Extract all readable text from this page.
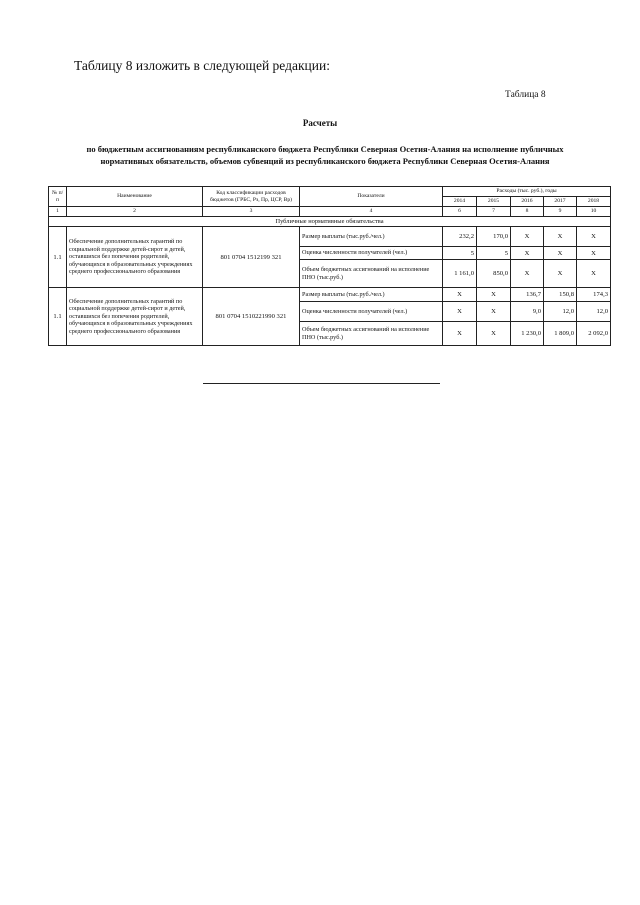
Таблицу 8 изложить в следующей редакции:
Таблица 8
Расчеты
по бюджетным ассигнованиям республиканского бюджета Республики Северная Осетия-Алания на исполнение публичных
нормативных обязательств, объемов субвенций из республиканского бюджета Республики Северная Осетия-Алания
№ п/п	Наименование	Код классификации расходов бюджетов (ГРБС, Рз, Пр, ЦСР, Вр)	Показатели	Расходы (тыс. руб.), годы				
				2014	2015	2016	2017	2018
1	2	3	4	6	7	8	9	10
Публичные нормативные обязательства								
1.1	Обеспечение дополнительных гарантий по социальной поддержке детей-сирот и детей, оставшихся без попечения родителей, обучающихся в образовательных учреждениях среднего профессионального образования	801 0704 1512199 321	Размер выплаты (тыс.руб./чел.)	232,2	170,0	Х	Х	Х
			Оценка численности получателей (чел.)	5	5	Х	Х	Х
			Объем бюджетных ассигнований на исполнение ПНО (тыс.руб.)	1 161,0	850,0	Х	Х	Х
1.1	Обеспечение дополнительных гарантий по социальной поддержке детей-сирот и детей, оставшихся без попечения родителей, обучающихся в образовательных учреждениях среднего профессионального образования	801 0704 1510221990 321	Размер выплаты (тыс.руб./чел.)	Х	Х	136,7	150,8	174,3
			Оценка численности получателей (чел.)	Х	Х	9,0	12,0	12,0
			Объем бюджетных ассигнований на исполнение ПНО (тыс.руб.)	Х	Х	1 230,0	1 809,0	2 092,0
